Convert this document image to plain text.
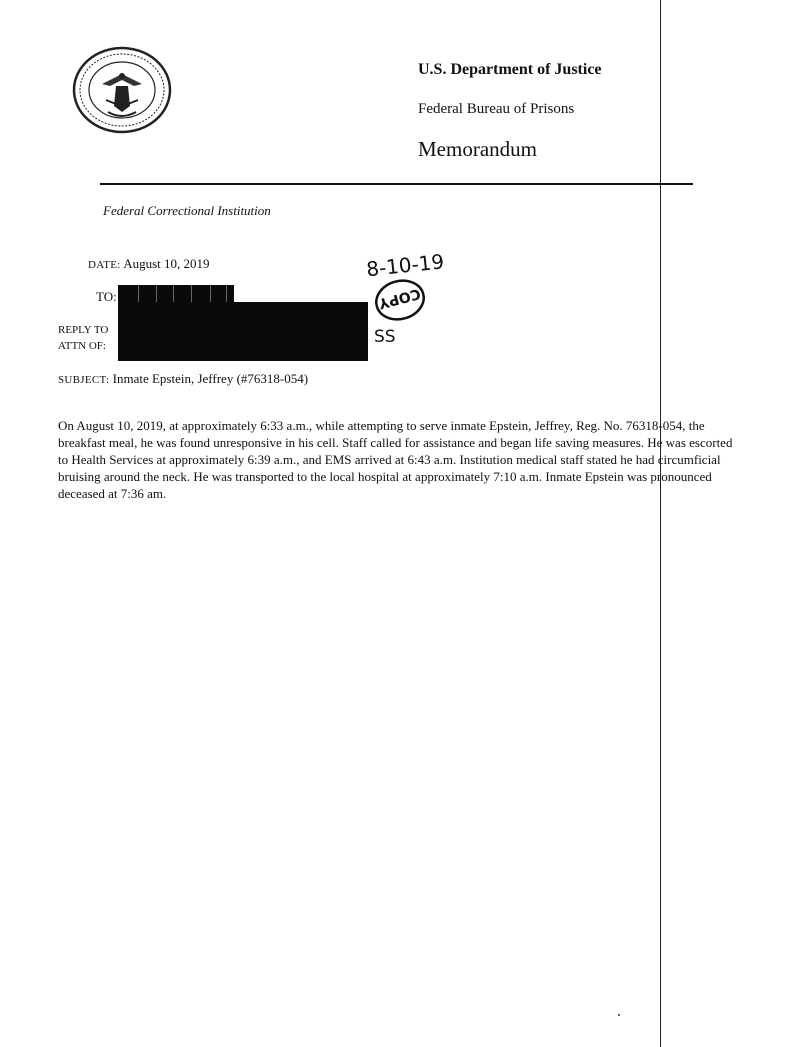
U.S. Department of Justice
Federal Bureau of Prisons
Memorandum
Federal Correctional Institution
DATE: August 10, 2019
TO:
REPLY TO
ATTN OF:
SUBJECT: Inmate Epstein, Jeffrey (#76318-054)
8-10-19
COPY
SS

On August 10, 2019, at approximately 6:33 a.m., while attempting to serve inmate Epstein, Jeffrey, Reg. No. 76318-054, the breakfast meal, he was found unresponsive in his cell. Staff called for assistance and began life saving measures. He was escorted to Health Services at approximately 6:39 a.m., and EMS arrived at 6:43 a.m. Institution medical staff stated he had circumficial bruising around the neck. He was transported to the local hospital at approximately 7:10 a.m. Inmate Epstein was pronounced deceased at 7:36 am.
